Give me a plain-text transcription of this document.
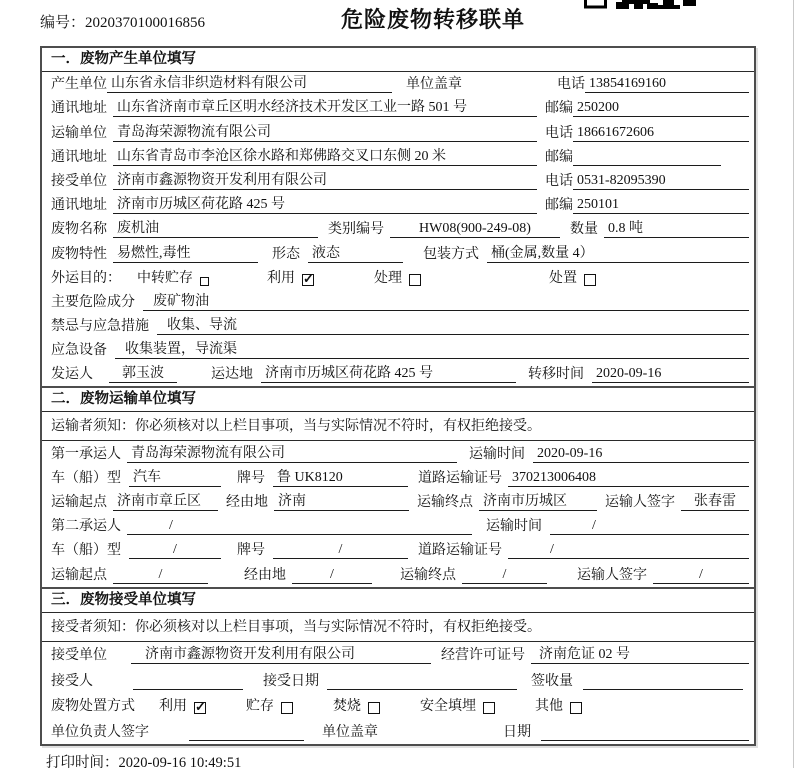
编号：2020370100016856	危险废物转移联单
一．废物产生单位填写
产生单位 山东省永信非织造材料有限公司	单位盖章	电话 13854169160
通讯地址 山东省济南市章丘区明水经济技术开发区工业一路 501 号	邮编 250200
运输单位 青岛海荣源物流有限公司	电话 18661672606
通讯地址 山东省青岛市李沧区徐水路和郑佛路交叉口东侧 20 米	邮编
接受单位 济南市鑫源物资开发利用有限公司	电话 0531-82095390
通讯地址 济南市历城区荷花路 425 号	邮编 250101
废物名称 废机油	类别编号	HW08(900-249-08)	数量 0.8 吨
废物特性 易燃性,毒性	形态 液态	包装方式 桶(金属,数量 4）
外运目的： 中转贮存	利用 ✓	处理	处置
主要危险成分	废矿物油
禁忌与应急措施	收集、导流
应急设备	收集装置，导流渠
发运人	郭玉波	运达地 济南市历城区荷花路 425 号	转移时间 2020-09-16
二．废物运输单位填写
运输者须知：你必须核对以上栏目事项，当与实际情况不符时，有权拒绝接受。
第一承运人 青岛海荣源物流有限公司	运输时间 2020-09-16
车（船）型 汽车	牌号 鲁 UK8120	道路运输证号 370213006408
运输起点 济南市章丘区	经由地 济南	运输终点 济南市历城区	运输人签字	张春雷
第二承运人	/	运输时间	/
车（船）型	/	牌号	/	道路运输证号	/
运输起点	/	经由地	/	运输终点	/	运输人签字	/
三．废物接受单位填写
接受者须知：你必须核对以上栏目事项，当与实际情况不符时，有权拒绝接受。
接受单位	济南市鑫源物资开发利用有限公司	经营许可证号	济南危证 02 号
接受人	接受日期	签收量
废物处置方式 利用 ✓	贮存	焚烧	安全填埋	其他
单位负责人签字	单位盖章	日期
打印时间：2020-09-16 10:49:51
